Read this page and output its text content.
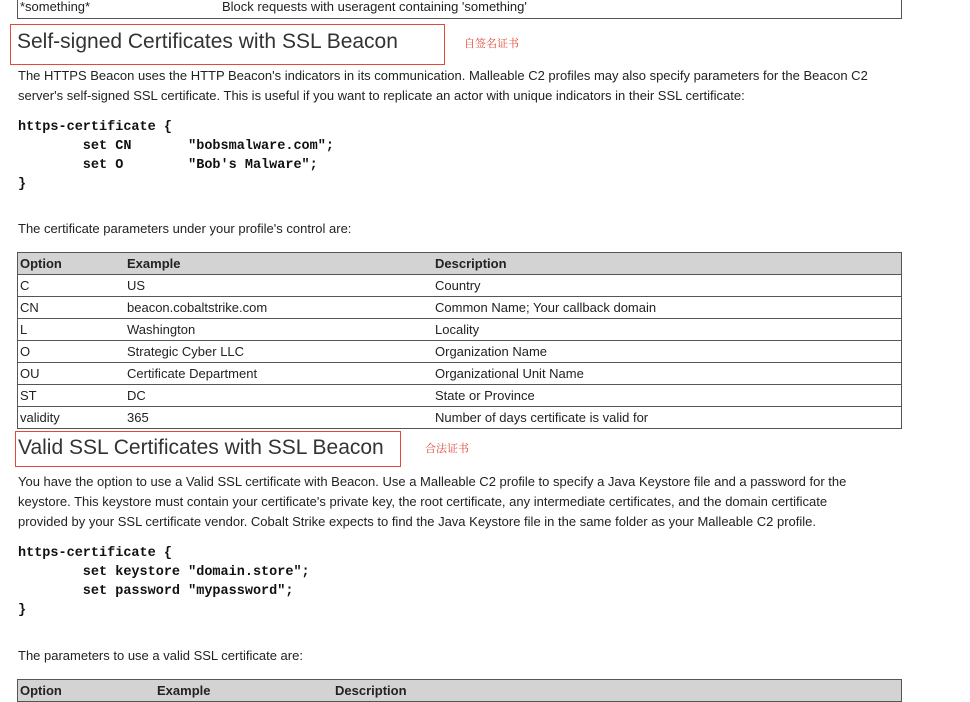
*something*	Block requests with useragent containing 'something'
Self-signed Certificates with SSL Beacon	自签名证书

The HTTPS Beacon uses the HTTP Beacon's indicators in its communication. Malleable C2 profiles may also specify parameters for the Beacon C2

server's self-signed SSL certificate. This is useful if you want to replicate an actor with unique indicators in their SSL certificate:

https-certificate {

set CN       "bobsmalware.com";

set O        "Bob's Malware";

}

The certificate parameters under your profile's control are:

Option	Example	Description
C	US	Country
CN	beacon.cobaltstrike.com	Common Name; Your callback domain
L	Washington	Locality
O	Strategic Cyber LLC	Organization Name
OU	Certificate Department	Organizational Unit Name
ST	DC	State or Province
validity	365	Number of days certificate is valid for
Valid SSL Certificates with SSL Beacon	合法证书

You have the option to use a Valid SSL certificate with Beacon. Use a Malleable C2 profile to specify a Java Keystore file and a password for the

keystore. This keystore must contain your certificate's private key, the root certificate, any intermediate certificates, and the domain certificate

provided by your SSL certificate vendor. Cobalt Strike expects to find the Java Keystore file in the same folder as your Malleable C2 profile.

https-certificate {

set keystore "domain.store";

set password "mypassword";

}

The parameters to use a valid SSL certificate are:

Option	Example	Description
